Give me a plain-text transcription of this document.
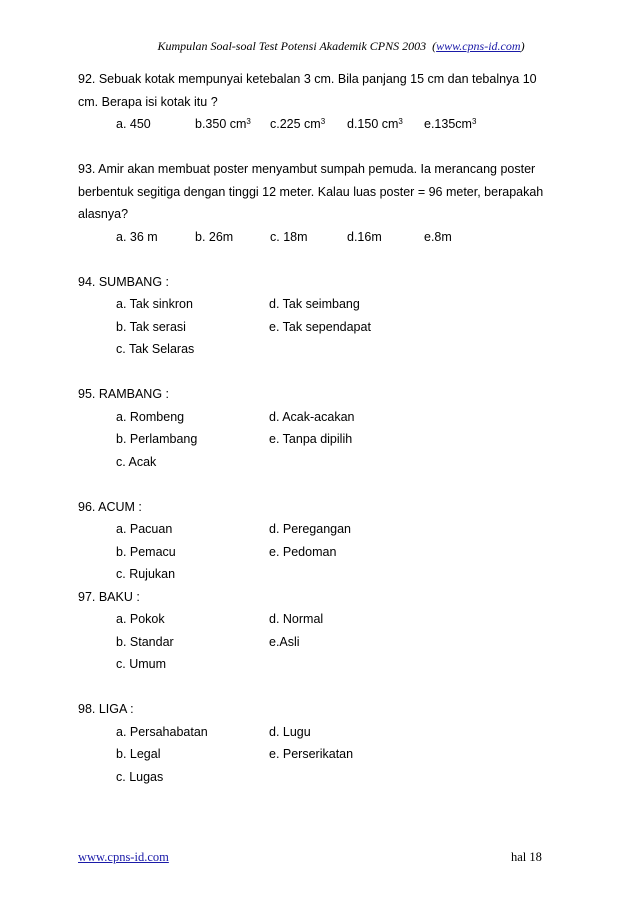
Kumpulan Soal-soal Test Potensi Akademik CPNS 2003 (www.cpns-id.com)

92. Sebuak kotak mempunyai ketebalan 3 cm. Bila panjang 15 cm dan tebalnya 10

cm. Berapa isi kotak itu ?

a. 450	b.350 $cm^3$	c.225 $cm^3$	d.150 $cm^3$	$e.135cm^3$

93. Amir akan membuat poster menyambut sumpah pemuda. Ia merancang poster

berbentuk segitiga dengan tinggi 12 meter. Kalau luas poster = 96 meter, berapakah

alasnya?

a. 36 m	b. 26m	c. 18m	d.16m	e.8m

94. SUMBANG :

a. Tak sinkron	d. Tak seimbang
b. Tak serasi	e. Tak sependapat
c. Tak Selaras

95. RAMBANG :

a. Rombeng	d. Acak-acakan
b. Perlambang	e. Tanpa dipilih
c. Acak

96. ACUM :

a. Pacuan	d. Peregangan
b. Pemacu	e. Pedoman
c. Rujukan

97. BAKU :

a. Pokok	d. Normal
b. Standar	e.Asli
c. Umum

98. LIGA :

a. Persahabatan	d. Lugu
b. Legal	e. Perserikatan
c. Lugas
www.cpns-id.com	hal 18
